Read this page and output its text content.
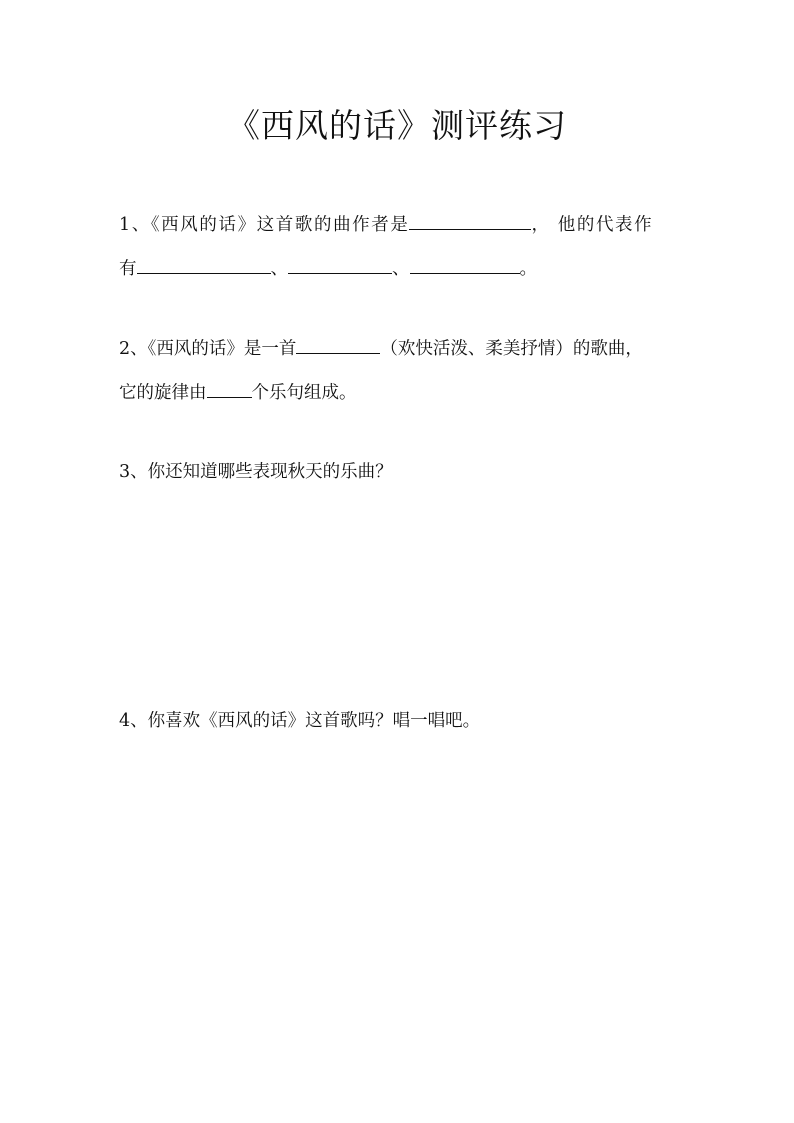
《西风的话》测评练习
1、《西风的话》这首歌的曲作者是	， 他的代表作
有	、	、	。
2、《西风的话》是一首	（欢快活泼、柔美抒情）的歌曲，
它的旋律由	个乐句组成。
3、你还知道哪些表现秋天的乐曲？
4、你喜欢《西风的话》这首歌吗？唱一唱吧。
